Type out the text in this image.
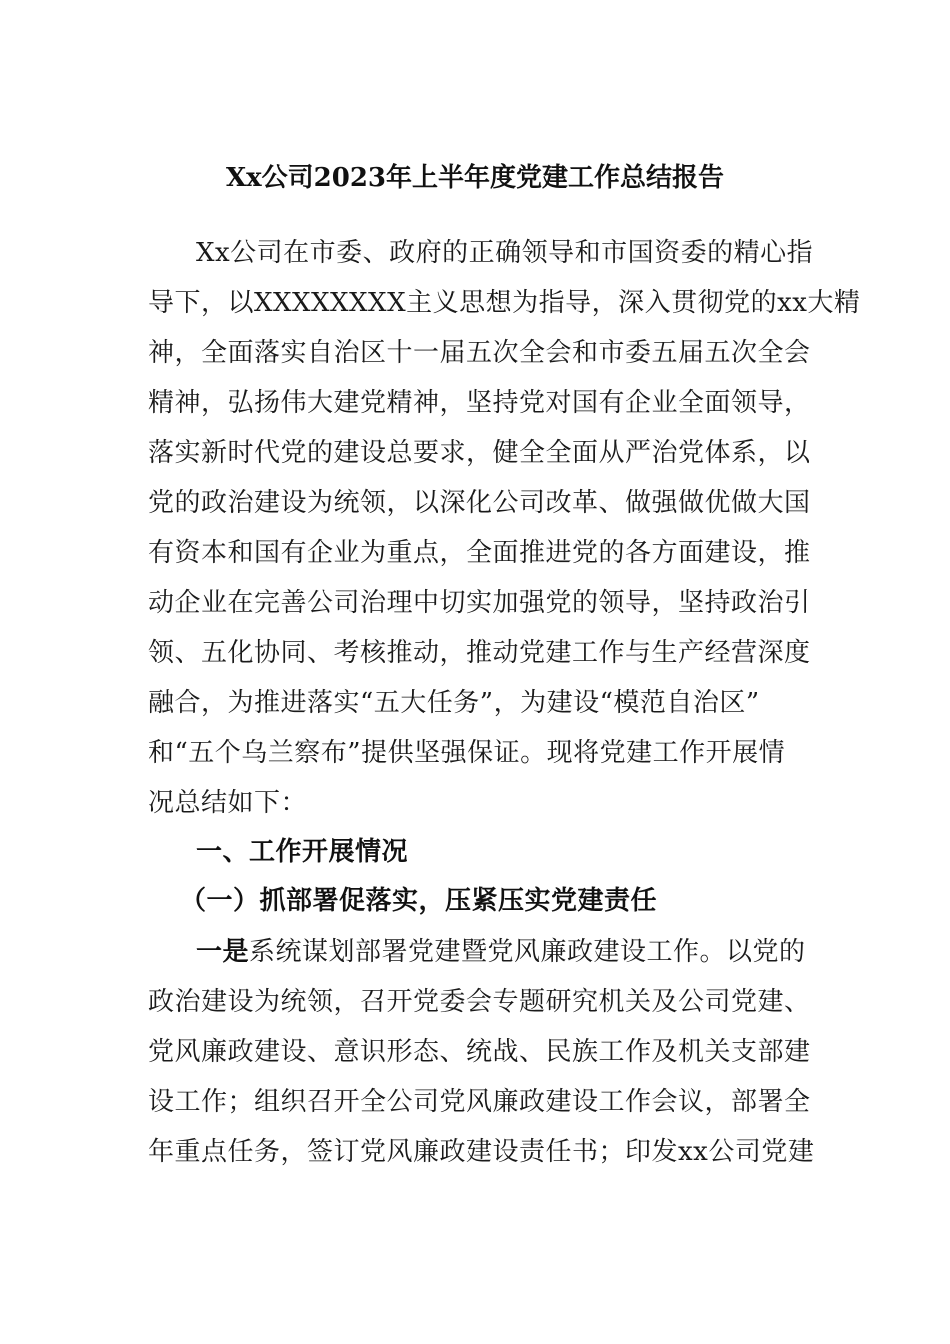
Xx公司2023年上半年度党建工作总结报告

Xx公司在市委、政府的正确领导和市国资委的精心指

导下，以XXXXXXXX主义思想为指导，深入贯彻党的xx大精

神，全面落实自治区十一届五次全会和市委五届五次全会

精神，弘扬伟大建党精神，坚持党对国有企业全面领导，

落实新时代党的建设总要求，健全全面从严治党体系，以

党的政治建设为统领，以深化公司改革、做强做优做大国

有资本和国有企业为重点，全面推进党的各方面建设，推

动企业在完善公司治理中切实加强党的领导，坚持政治引

领、五化协同、考核推动，推动党建工作与生产经营深度

融合，为推进落实“五大任务”，为建设“模范自治区”

和“五个乌兰察布”提供坚强保证。现将党建工作开展情

况总结如下：

一、工作开展情况

（一）抓部署促落实，压紧压实党建责任

一是系统谋划部署党建暨党风廉政建设工作。以党的

政治建设为统领，召开党委会专题研究机关及公司党建、

党风廉政建设、意识形态、统战、民族工作及机关支部建

设工作；组织召开全公司党风廉政建设工作会议，部署全

年重点任务，签订党风廉政建设责任书；印发xx公司党建
